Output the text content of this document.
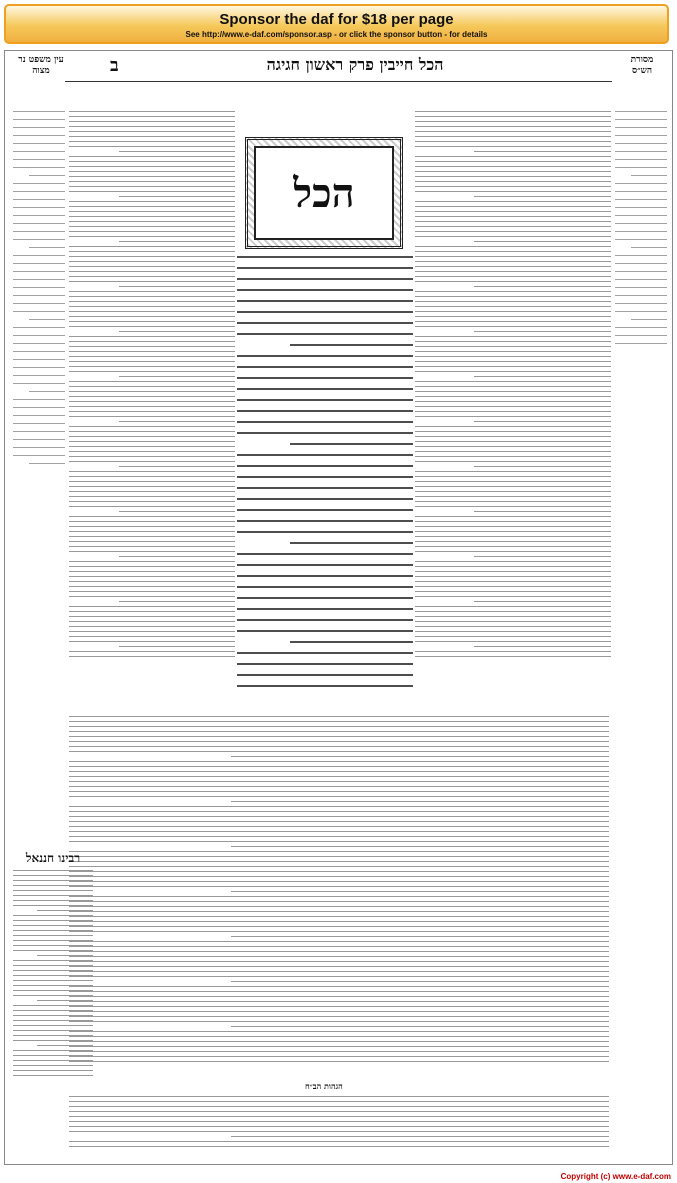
Sponsor the daf for $18 per page
See http://www.e-daf.com/sponsor.asp - or click the sponsor button - for details
עין משפט נר מצוה	ב	הכל חייבין פרק ראשון חגיגה	מסורת הש״ס
הכל
רבינו חננאל
הגהות הב״ח
Copyright (c) www.e-daf.com
